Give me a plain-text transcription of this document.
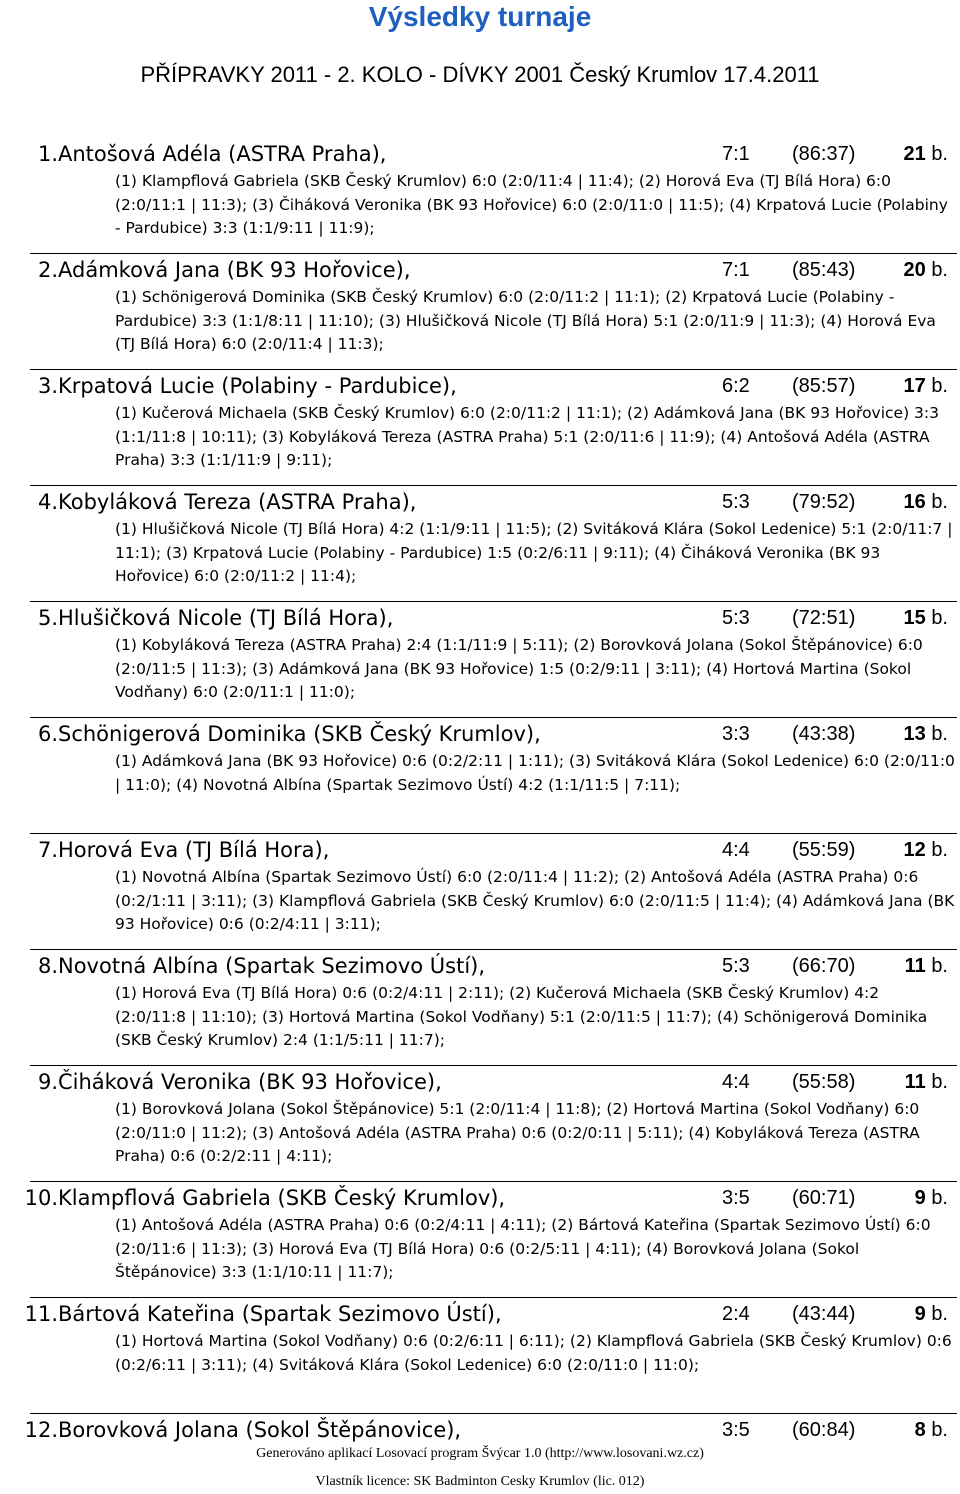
Výsledky turnaje
PŘÍPRAVKY 2011 - 2. KOLO - DÍVKY 2001 Český Krumlov 17.4.2011
1. Antošová Adéla (ASTRA Praha),	7:1 (86:37) 21 b.
(1) Klampflová Gabriela (SKB Český Krumlov) 6:0 (2:0/11:4 | 11:4); (2) Horová Eva (TJ Bílá Hora) 6:0 (2:0/11:1 | 11:3); (3) Čiháková Veronika (BK 93 Hořovice) 6:0 (2:0/11:0 | 11:5); (4) Krpatová Lucie (Polabiny - Pardubice) 3:3 (1:1/9:11 | 11:9);
2. Adámková Jana (BK 93 Hořovice),	7:1 (85:43) 20 b.
(1) Schönigerová Dominika (SKB Český Krumlov) 6:0 (2:0/11:2 | 11:1); (2) Krpatová Lucie (Polabiny - Pardubice) 3:3 (1:1/8:11 | 11:10); (3) Hlušičková Nicole (TJ Bílá Hora) 5:1 (2:0/11:9 | 11:3); (4) Horová Eva (TJ Bílá Hora) 6:0 (2:0/11:4 | 11:3);
3. Krpatová Lucie (Polabiny - Pardubice),	6:2 (85:57) 17 b.
(1) Kučerová Michaela (SKB Český Krumlov) 6:0 (2:0/11:2 | 11:1); (2) Adámková Jana (BK 93 Hořovice) 3:3 (1:1/11:8 | 10:11); (3) Kobyláková Tereza (ASTRA Praha) 5:1 (2:0/11:6 | 11:9); (4) Antošová Adéla (ASTRA Praha) 3:3 (1:1/11:9 | 9:11);
4. Kobyláková Tereza (ASTRA Praha),	5:3 (79:52) 16 b.
(1) Hlušičková Nicole (TJ Bílá Hora) 4:2 (1:1/9:11 | 11:5); (2) Svitáková Klára (Sokol Ledenice) 5:1 (2:0/11:7 | 11:1); (3) Krpatová Lucie (Polabiny - Pardubice) 1:5 (0:2/6:11 | 9:11); (4) Čiháková Veronika (BK 93 Hořovice) 6:0 (2:0/11:2 | 11:4);
5. Hlušičková Nicole (TJ Bílá Hora),	5:3 (72:51) 15 b.
(1) Kobyláková Tereza (ASTRA Praha) 2:4 (1:1/11:9 | 5:11); (2) Borovková Jolana (Sokol Štěpánovice) 6:0 (2:0/11:5 | 11:3); (3) Adámková Jana (BK 93 Hořovice) 1:5 (0:2/9:11 | 3:11); (4) Hortová Martina (Sokol Vodňany) 6:0 (2:0/11:1 | 11:0);
6. Schönigerová Dominika (SKB Český Krumlov),	3:3 (43:38) 13 b.
(1) Adámková Jana (BK 93 Hořovice) 0:6 (0:2/2:11 | 1:11); (3) Svitáková Klára (Sokol Ledenice) 6:0 (2:0/11:0 | 11:0); (4) Novotná Albína (Spartak Sezimovo Ústí) 4:2 (1:1/11:5 | 7:11);
7. Horová Eva (TJ Bílá Hora),	4:4 (55:59) 12 b.
(1) Novotná Albína (Spartak Sezimovo Ústí) 6:0 (2:0/11:4 | 11:2); (2) Antošová Adéla (ASTRA Praha) 0:6 (0:2/1:11 | 3:11); (3) Klampflová Gabriela (SKB Český Krumlov) 6:0 (2:0/11:5 | 11:4); (4) Adámková Jana (BK 93 Hořovice) 0:6 (0:2/4:11 | 3:11);
8. Novotná Albína (Spartak Sezimovo Ústí),	5:3 (66:70) 11 b.
(1) Horová Eva (TJ Bílá Hora) 0:6 (0:2/4:11 | 2:11); (2) Kučerová Michaela (SKB Český Krumlov) 4:2 (2:0/11:8 | 11:10); (3) Hortová Martina (Sokol Vodňany) 5:1 (2:0/11:5 | 11:7); (4) Schönigerová Dominika (SKB Český Krumlov) 2:4 (1:1/5:11 | 11:7);
9. Čiháková Veronika (BK 93 Hořovice),	4:4 (55:58) 11 b.
(1) Borovková Jolana (Sokol Štěpánovice) 5:1 (2:0/11:4 | 11:8); (2) Hortová Martina (Sokol Vodňany) 6:0 (2:0/11:0 | 11:2); (3) Antošová Adéla (ASTRA Praha) 0:6 (0:2/0:11 | 5:11); (4) Kobyláková Tereza (ASTRA Praha) 0:6 (0:2/2:11 | 4:11);
10. Klampflová Gabriela (SKB Český Krumlov),	3:5 (60:71)	9 b.
(1) Antošová Adéla (ASTRA Praha) 0:6 (0:2/4:11 | 4:11); (2) Bártová Kateřina (Spartak Sezimovo Ústí) 6:0 (2:0/11:6 | 11:3); (3) Horová Eva (TJ Bílá Hora) 0:6 (0:2/5:11 | 4:11); (4) Borovková Jolana (Sokol Štěpánovice) 3:3 (1:1/10:11 | 11:7);
11. Bártová Kateřina (Spartak Sezimovo Ústí),	2:4 (43:44)	9 b.
(1) Hortová Martina (Sokol Vodňany) 0:6 (0:2/6:11 | 6:11); (2) Klampflová Gabriela (SKB Český Krumlov) 0:6 (0:2/6:11 | 3:11); (4) Svitáková Klára (Sokol Ledenice) 6:0 (2:0/11:0 | 11:0);
12. Borovková Jolana (Sokol Štěpánovice),	3:5 (60:84)	8 b.
Generováno aplikací Losovací program Švýcar 1.0 (http://www.losovani.wz.cz)
Vlastník licence: SK Badminton Cesky Krumlov (lic. 012)
